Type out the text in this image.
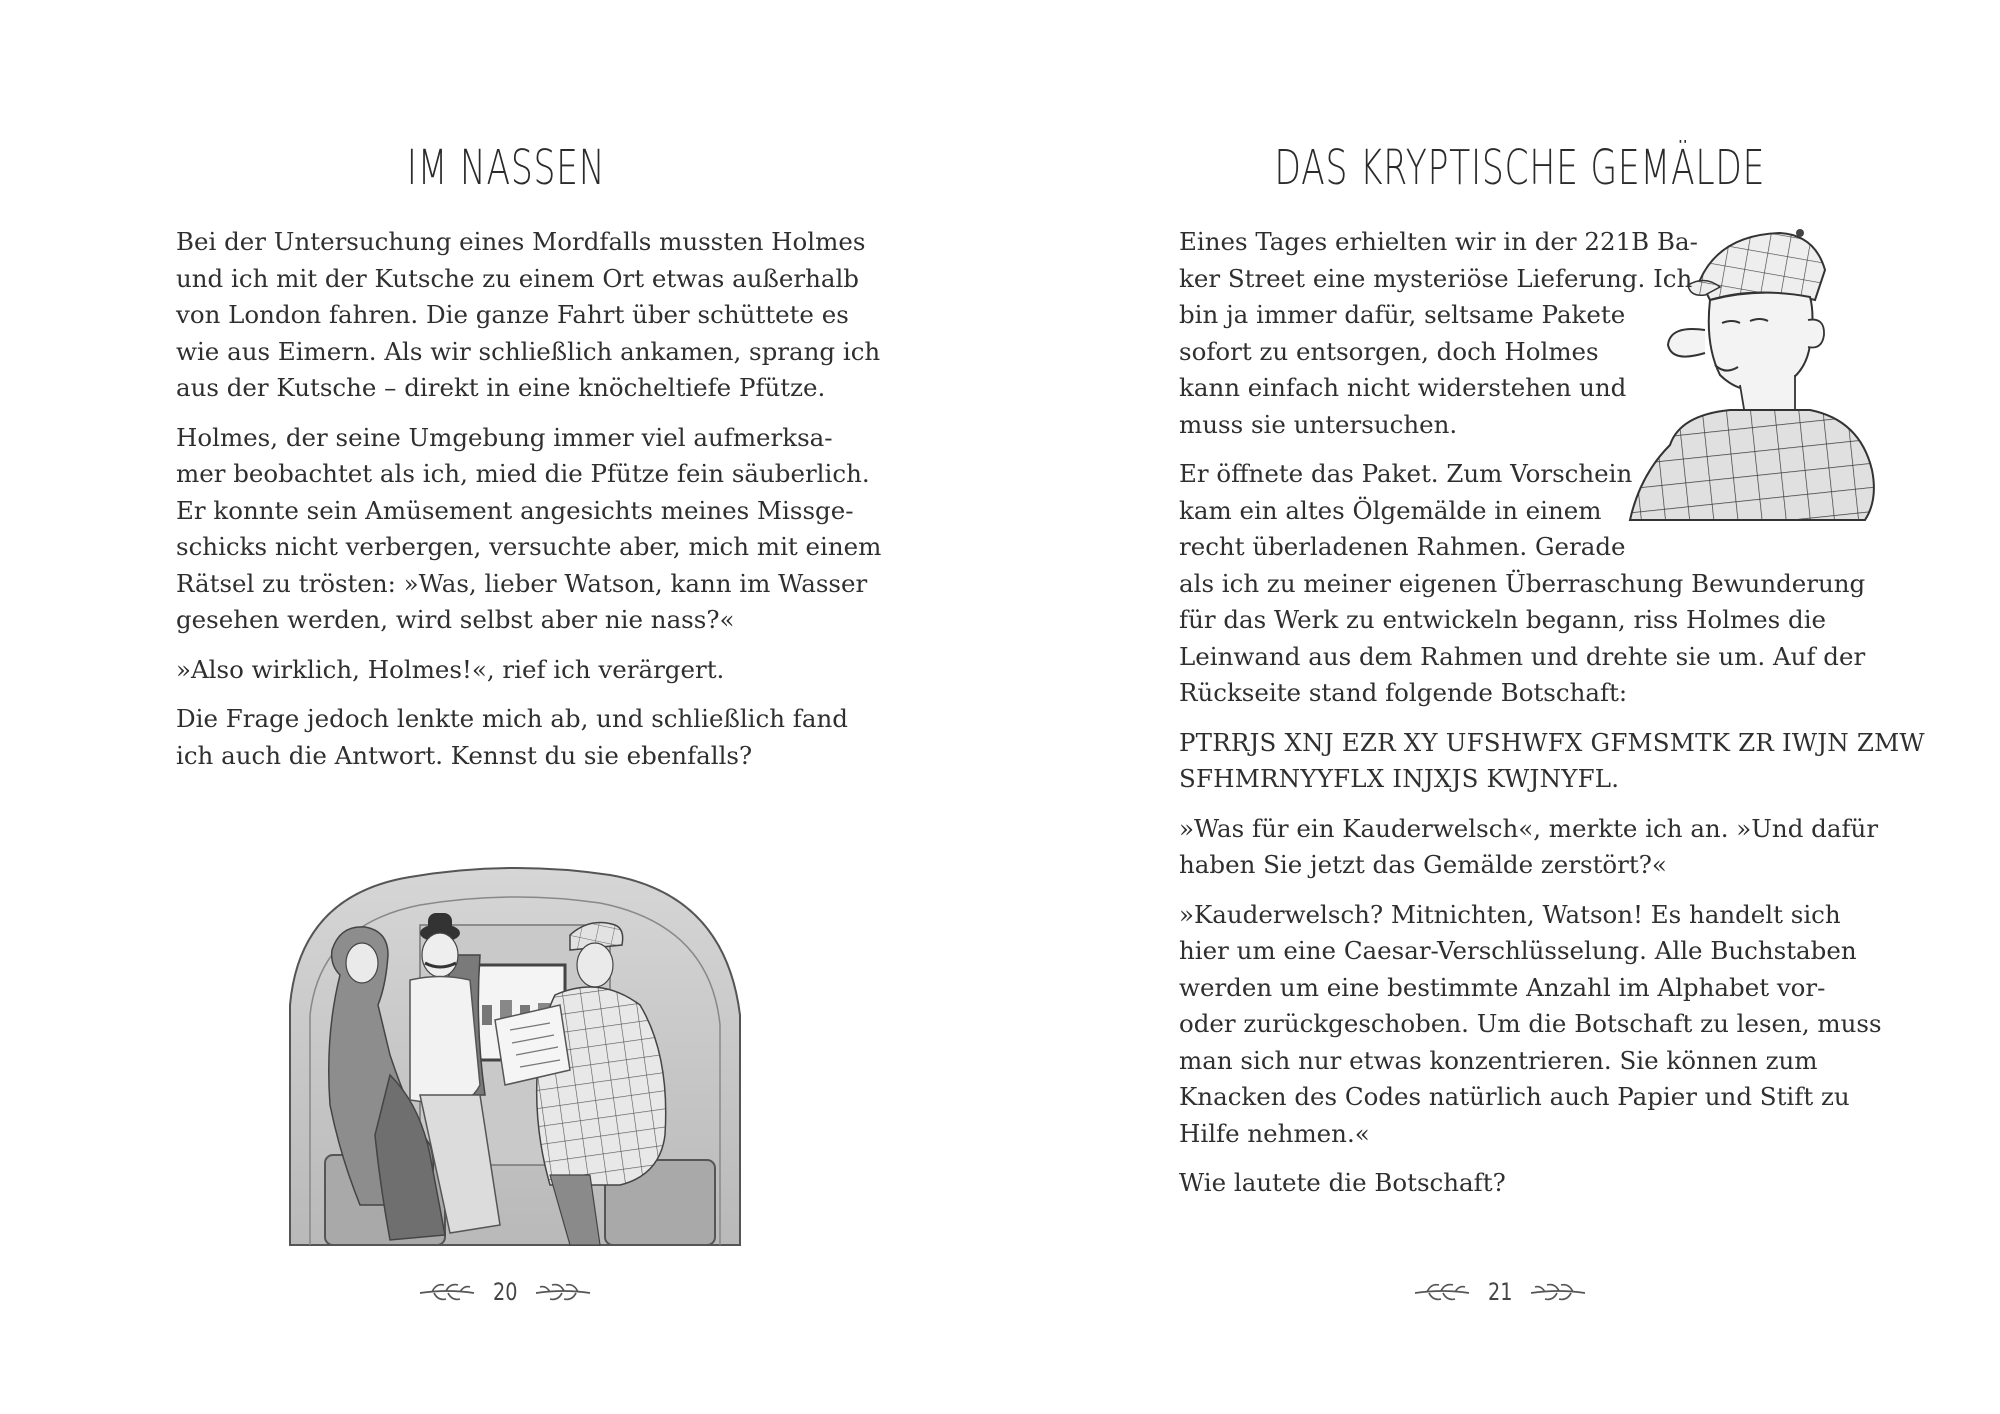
IM NASSEN

Bei der Untersuchung eines Mordfalls mussten Holmes
und ich mit der Kutsche zu einem Ort etwas außerhalb
von London fahren. Die ganze Fahrt über schüttete es
wie aus Eimern. Als wir schließlich ankamen, sprang ich
aus der Kutsche – direkt in eine knöcheltiefe Pfütze.

Holmes, der seine Umgebung immer viel aufmerksa-
mer beobachtet als ich, mied die Pfütze fein säuberlich.
Er konnte sein Amüsement angesichts meines Missge-
schicks nicht verbergen, versuchte aber, mich mit einem
Rätsel zu trösten: »Was, lieber Watson, kann im Wasser
gesehen werden, wird selbst aber nie nass?«

»Also wirklich, Holmes!«, rief ich verärgert.

Die Frage jedoch lenkte mich ab, und schließlich fand
ich auch die Antwort. Kennst du sie ebenfalls?

20
DAS KRYPTISCHE GEMÄLDE

Eines Tages erhielten wir in der 221B Ba-
ker Street eine mysteriöse Lieferung. Ich
bin ja immer dafür, seltsame Pakete
sofort zu entsorgen, doch Holmes
kann einfach nicht widerstehen und
muss sie untersuchen.

Er öffnete das Paket. Zum Vorschein
kam ein altes Ölgemälde in einem
recht überladenen Rahmen. Gerade
als ich zu meiner eigenen Überraschung Bewunderung
für das Werk zu entwickeln begann, riss Holmes die
Leinwand aus dem Rahmen und drehte sie um. Auf der
Rückseite stand folgende Botschaft:

PTRRJS XNJ EZR XY UFSHWFX GFMSMTK ZR IWJN ZMW
SFHMRNYYFLX INJXJS KWJNYFL.

»Was für ein Kauderwelsch«, merkte ich an. »Und dafür
haben Sie jetzt das Gemälde zerstört?«

»Kauderwelsch? Mitnichten, Watson! Es handelt sich
hier um eine Caesar-Verschlüsselung. Alle Buchstaben
werden um eine bestimmte Anzahl im Alphabet vor-
oder zurückgeschoben. Um die Botschaft zu lesen, muss
man sich nur etwas konzentrieren. Sie können zum
Knacken des Codes natürlich auch Papier und Stift zu
Hilfe nehmen.«

Wie lautete die Botschaft?

21
